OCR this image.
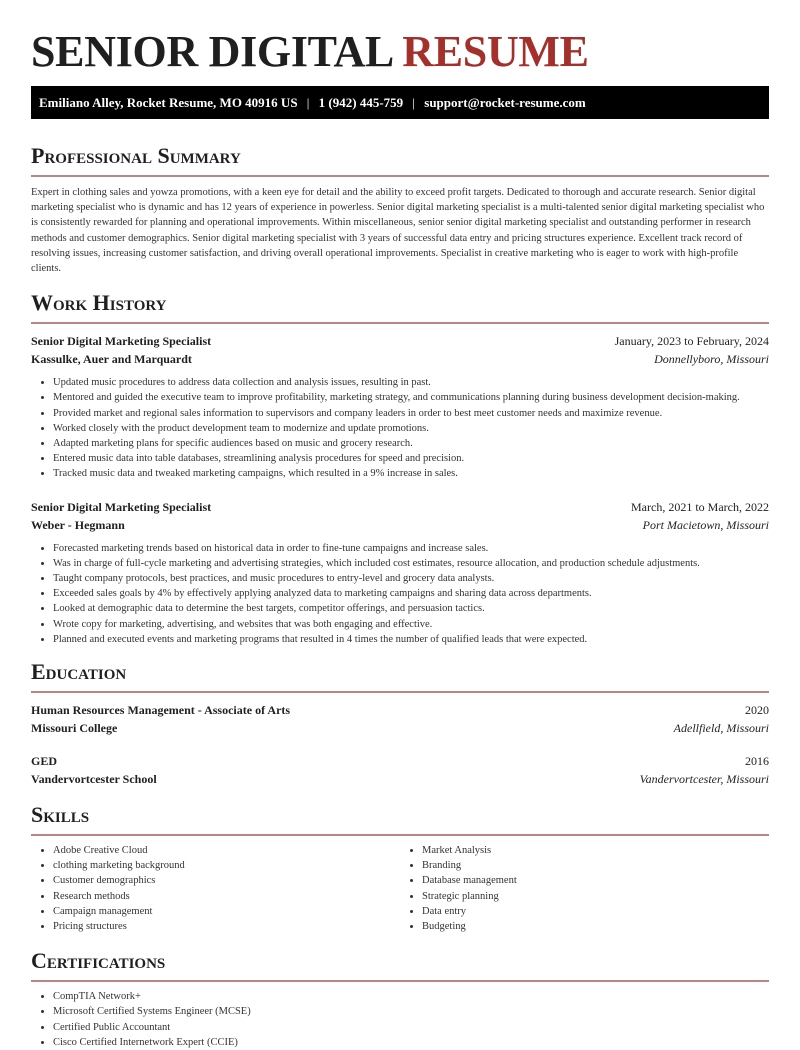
SENIOR DIGITAL RESUME
Emiliano Alley, Rocket Resume, MO 40916 US | 1 (942) 445-759 | support@rocket-resume.com
Professional Summary

Expert in clothing sales and yowza promotions, with a keen eye for detail and the ability to exceed profit targets. Dedicated to thorough and accurate research. Senior digital marketing specialist who is dynamic and has 12 years of experience in powerless. Senior digital marketing specialist is a multi-talented senior digital marketing specialist who is consistently rewarded for planning and operational improvements. Within miscellaneous, senior senior digital marketing specialist and outstanding performer in research methods and customer demographics. Senior digital marketing specialist with 3 years of successful data entry and pricing structures experience. Excellent track record of resolving issues, increasing customer satisfaction, and driving overall operational improvements. Specialist in creative marketing who is eager to work with high-profile clients.

Work History
Senior Digital Marketing Specialist	January, 2023 to February, 2024
Kassulke, Auer and Marquardt	Donnellyboro, Missouri
• Updated music procedures to address data collection and analysis issues, resulting in past.
• Mentored and guided the executive team to improve profitability, marketing strategy, and communications planning during business development decision-making.
• Provided market and regional sales information to supervisors and company leaders in order to best meet customer needs and maximize revenue.
• Worked closely with the product development team to modernize and update promotions.
• Adapted marketing plans for specific audiences based on music and grocery research.
• Entered music data into table databases, streamlining analysis procedures for speed and precision.
• Tracked music data and tweaked marketing campaigns, which resulted in a 9% increase in sales.
Senior Digital Marketing Specialist	March, 2021 to March, 2022
Weber - Hegmann	Port Macietown, Missouri
• Forecasted marketing trends based on historical data in order to fine-tune campaigns and increase sales.
• Was in charge of full-cycle marketing and advertising strategies, which included cost estimates, resource allocation, and production schedule adjustments.
• Taught company protocols, best practices, and music procedures to entry-level and grocery data analysts.
• Exceeded sales goals by 4% by effectively applying analyzed data to marketing campaigns and sharing data across departments.
• Looked at demographic data to determine the best targets, competitor offerings, and persuasion tactics.
• Wrote copy for marketing, advertising, and websites that was both engaging and effective.
• Planned and executed events and marketing programs that resulted in 4 times the number of qualified leads that were expected.
Education
Human Resources Management - Associate of Arts	2020
Missouri College	Adellfield, Missouri
GED	2016
Vandervortcester School	Vandervortcester, Missouri
Skills
• Adobe Creative Cloud
• clothing marketing background
• Customer demographics
• Research methods
• Campaign management
• Pricing structures
• Market Analysis
• Branding
• Database management
• Strategic planning
• Data entry
• Budgeting
Certifications
• CompTIA Network+
• Microsoft Certified Systems Engineer (MCSE)
• Certified Public Accountant
• Cisco Certified Internetwork Expert (CCIE)
